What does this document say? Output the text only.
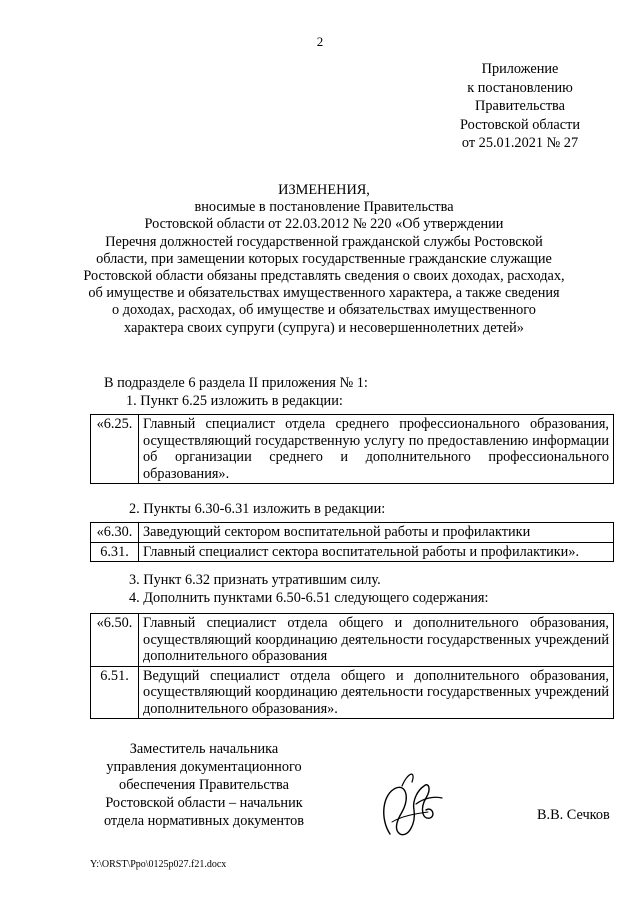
2
Приложение
к постановлению
Правительства
Ростовской области
от 25.01.2021 № 27
ИЗМЕНЕНИЯ,
вносимые в постановление Правительства
Ростовской области от 22.03.2012 № 220 «Об утверждении
Перечня должностей государственной гражданской службы Ростовской
области, при замещении которых государственные гражданские служащие
Ростовской области обязаны представлять сведения о своих доходах, расходах,
об имуществе и обязательствах имущественного характера, а также сведения
о доходах, расходах, об имуществе и обязательствах имущественного
характера своих супруги (супруга) и несовершеннолетних детей»
В подразделе 6 раздела II приложения № 1:
1. Пункт 6.25 изложить в редакции:
«6.25.	Главный специалист отдела среднего профессионального образования, осуществляющий государственную услугу по предоставлению информации об организации среднего и дополнительного профессионального образования».
2. Пункты 6.30-6.31 изложить в редакции:
«6.30.	Заведующий сектором воспитательной работы и профилактики
6.31.	Главный специалист сектора воспитательной работы и профилактики».
3. Пункт 6.32 признать утратившим силу.
4. Дополнить пунктами 6.50-6.51 следующего содержания:
«6.50.	Главный специалист отдела общего и дополнительного образования, осуществляющий координацию деятельности государственных учреждений дополнительного образования
6.51.	Ведущий специалист отдела общего и дополнительного образования, осуществляющий координацию деятельности государственных учреждений дополнительного образования».
Заместитель начальника
управления документационного
обеспечения Правительства
Ростовской области – начальник
отдела нормативных документов	В.В. Сечков
Y:\ORST\Ppo\0125p027.f21.docx
